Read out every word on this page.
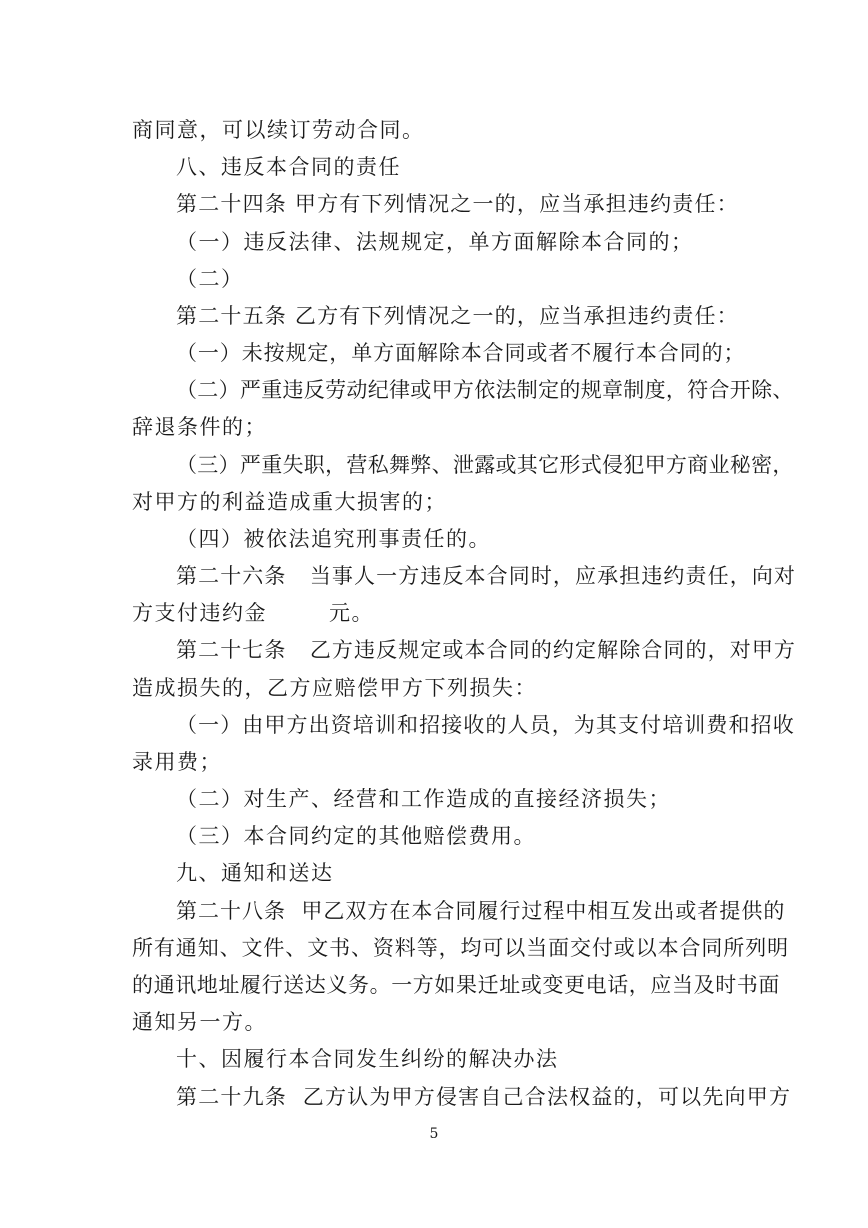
商同意，可以续订劳动合同。
八、违反本合同的责任
第二十四条 甲方有下列情况之一的，应当承担违约责任：
（一）违反法律、法规规定，单方面解除本合同的；
（二）
第二十五条 乙方有下列情况之一的，应当承担违约责任：
（一）未按规定，单方面解除本合同或者不履行本合同的；
（二）严重违反劳动纪律或甲方依法制定的规章制度，符合开除、
辞退条件的；
（三）严重失职，营私舞弊、泄露或其它形式侵犯甲方商业秘密，
对甲方的利益造成重大损害的；
（四）被依法追究刑事责任的。
第二十六条   当事人一方违反本合同时，应承担违约责任，向对
方支付违约金	元。
第二十七条   乙方违反规定或本合同的约定解除合同的，对甲方
造成损失的，乙方应赔偿甲方下列损失：
（一）由甲方出资培训和招接收的人员，为其支付培训费和招收
录用费；
（二）对生产、经营和工作造成的直接经济损失；
（三）本合同约定的其他赔偿费用。
九、通知和送达
第二十八条  甲乙双方在本合同履行过程中相互发出或者提供的
所有通知、文件、文书、资料等，均可以当面交付或以本合同所列明
的通讯地址履行送达义务。一方如果迁址或变更电话，应当及时书面
通知另一方。
十、因履行本合同发生纠纷的解决办法
第二十九条  乙方认为甲方侵害自己合法权益的，可以先向甲方
5
